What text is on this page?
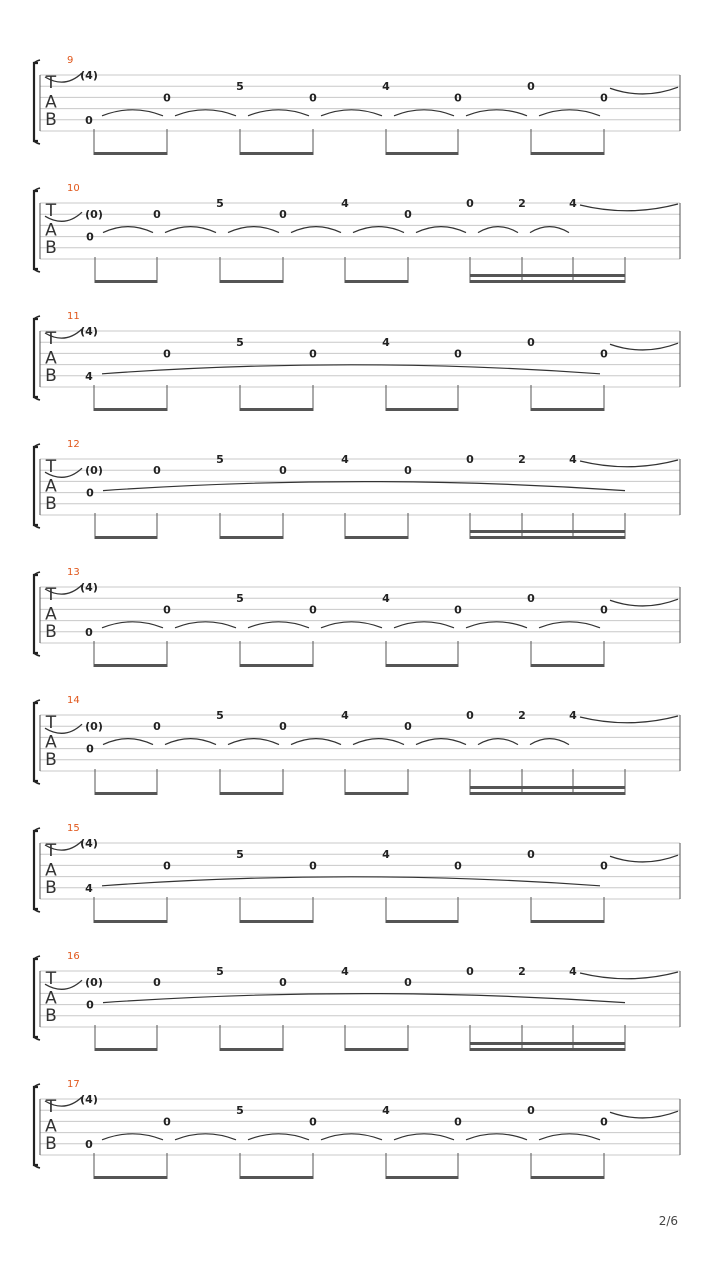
9
T
A
B
(4)
0
0
5
0
4
0
0
0
10
T
A
B
(0)
0
0
5
0
4
0
0	2	4
11
T
A
B
(4)
4
0
5
0
4
0
0
0
12
T
A
B
(0)
0
0
5
0
4
0
0	2	4
13
T
A
B
(4)
0
0
5
0
4
0
0
0
14
T
A
B
(0)
0
0
5
0
4
0
0	2	4
15
T
A
B
(4)
4
0
5
0
4
0
0
0
16
T
A
B
(0)
0
0
5
0
4
0
0	2	4
17
T
A
B
(4)
0
0
5
0
4
0
0
0
2/6
